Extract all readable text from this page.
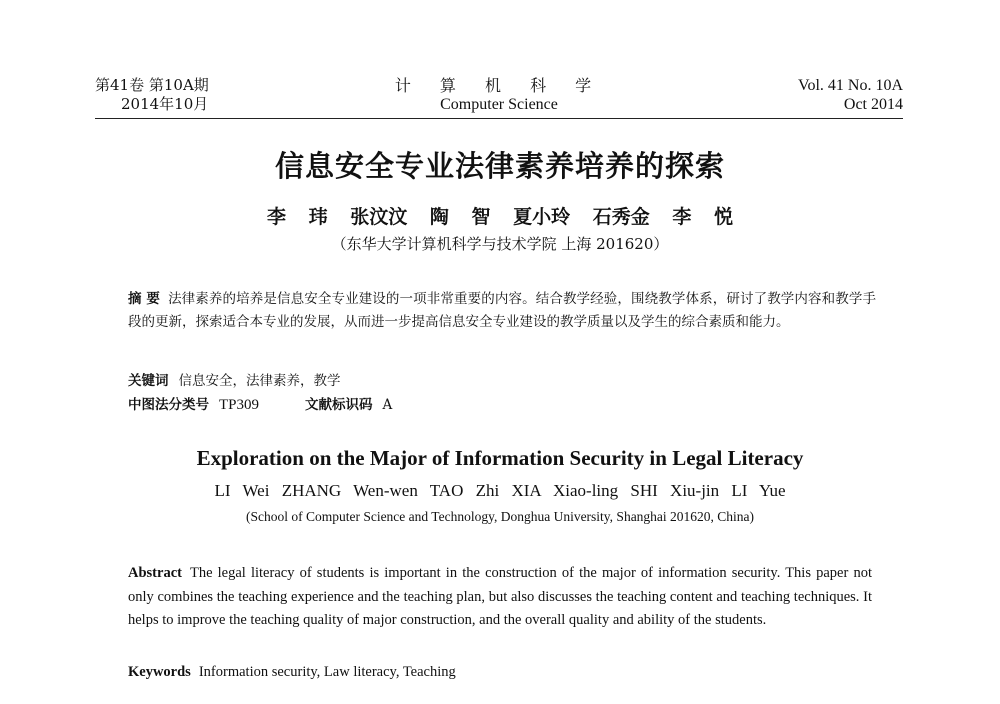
第41卷 第10A期
2014年10月
计 算 机 科 学
Computer Science
Vol. 41 No. 10A
Oct 2014
信息安全专业法律素养培养的探索
李 玮 张汶汶 陶 智 夏小玲 石秀金 李 悦
（东华大学计算机科学与技术学院 上海 201620）
摘 要 法律素养的培养是信息安全专业建设的一项非常重要的内容。结合教学经验，围绕教学体系，研讨了教学内容和教学手段的更新，探索适合本专业的发展，从而进一步提高信息安全专业建设的教学质量以及学生的综合素质和能力。
关键词 信息安全，法律素养，教学
中图法分类号 TP309	文献标识码 A
Exploration on the Major of Information Security in Legal Literacy
LI Wei ZHANG Wen-wen TAO Zhi XIA Xiao-ling SHI Xiu-jin LI Yue
(School of Computer Science and Technology, Donghua University, Shanghai 201620, China)
Abstract The legal literacy of students is important in the construction of the major of information security. This paper not only combines the teaching experience and the teaching plan, but also discusses the teaching content and teaching techniques. It helps to improve the teaching quality of major construction, and the overall quality and ability of the students.
Keywords Information security, Law literacy, Teaching
